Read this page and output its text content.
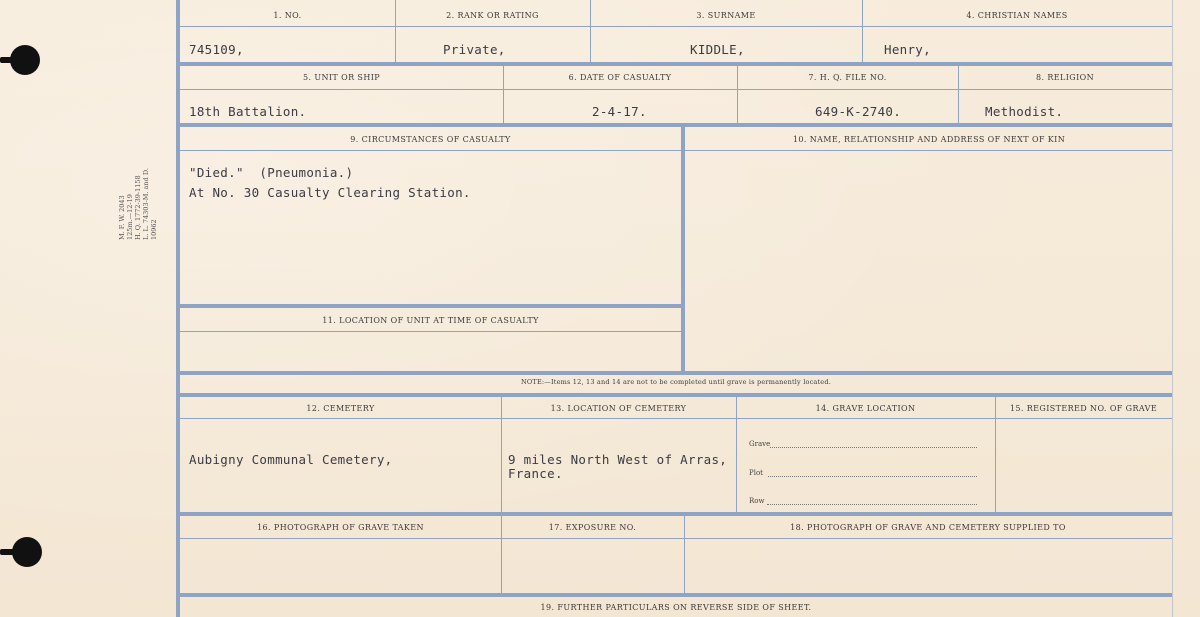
M. F. W. 2043 125m.—12-19 H. Q. 1772-39-1158 L. L. 74303-M. and D. 10962
1. NO.	2. RANK OR RATING	3. SURNAME	4. CHRISTIAN NAMES
745109,	Private,	KIDDLE,	Henry,
5. UNIT OR SHIP	6. DATE OF CASUALTY	7. H. Q. FILE NO.	8. RELIGION
18th Battalion.	2-4-17.	649-K-2740.	Methodist.
9. CIRCUMSTANCES OF CASUALTY	10. NAME, RELATIONSHIP AND ADDRESS OF NEXT OF KIN
"Died."  (Pneumonia.)
At No. 30 Casualty Clearing Station.
11. LOCATION OF UNIT AT TIME OF CASUALTY
NOTE:—Items 12, 13 and 14 are not to be completed until grave is permanently located.
12. CEMETERY	13. LOCATION OF CEMETERY	14. GRAVE LOCATION	15. REGISTERED NO. OF GRAVE
Aubigny Communal Cemetery,	9 miles North West of Arras,
France.
Grave
Plot
Row
16. PHOTOGRAPH OF GRAVE TAKEN	17. EXPOSURE NO.	18. PHOTOGRAPH OF GRAVE AND CEMETERY SUPPLIED TO
19. FURTHER PARTICULARS ON REVERSE SIDE OF SHEET.
